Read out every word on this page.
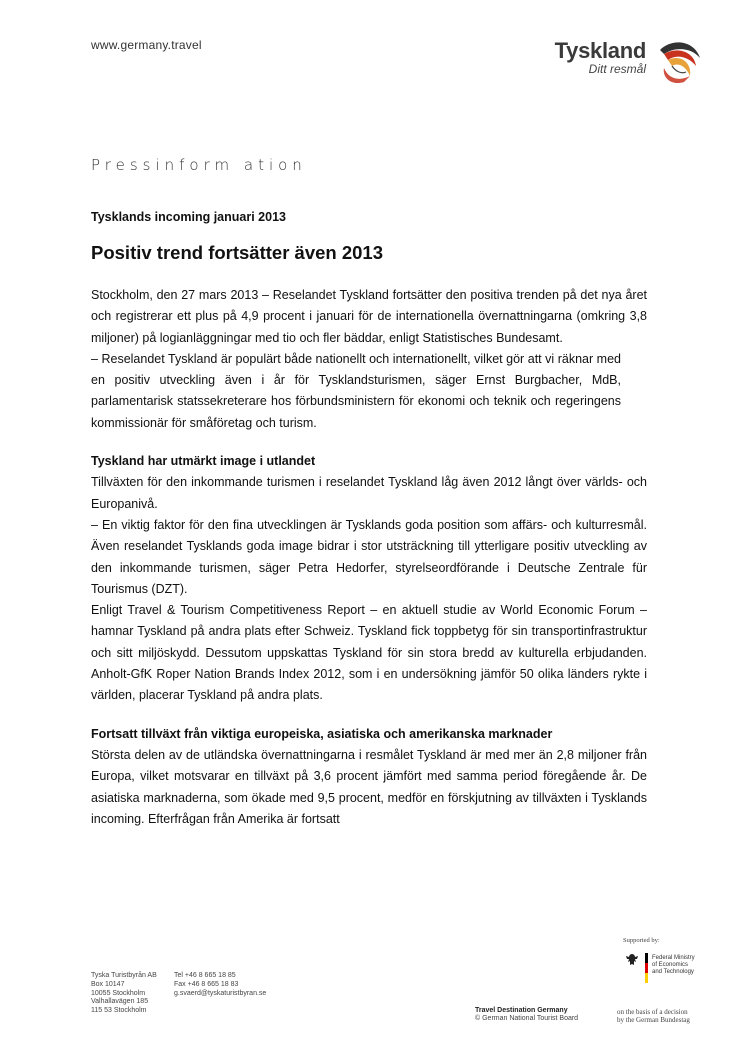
www.germany.travel	Tyskland
Ditt resmål
Pressinform ation
Tysklands incoming januari 2013
Positiv trend fortsätter även 2013

Stockholm, den 27 mars 2013 – Reselandet Tyskland fortsätter den positiva trenden på det nya året och registrerar ett plus på 4,9 procent i januari för de internationella övernattningarna (omkring 3,8 miljoner) på logianläggningar med tio och fler bäddar, enligt Statistisches Bundesamt.

– Reselandet Tyskland är populärt både nationellt och internationellt, vilket gör att vi räknar med en positiv utveckling även i år för Tysklandsturismen, säger Ernst Burgbacher, MdB, parlamentarisk statssekreterare hos förbundsministern för ekonomi och teknik och regeringens kommissionär för småföretag och turism.

Tyskland har utmärkt image i utlandet

Tillväxten för den inkommande turismen i reselandet Tyskland låg även 2012 långt över världs- och Europanivå.

– En viktig faktor för den fina utvecklingen är Tysklands goda position som affärs- och kulturresmål. Även reselandet Tysklands goda image bidrar i stor utsträckning till ytterligare positiv utveckling av den inkommande turismen, säger Petra Hedorfer, styrelseordförande i Deutsche Zentrale für Tourismus (DZT).

Enligt Travel & Tourism Competitiveness Report – en aktuell studie av World Economic Forum – hamnar Tyskland på andra plats efter Schweiz. Tyskland fick toppbetyg för sin transportinfrastruktur och sitt miljöskydd. Dessutom uppskattas Tyskland för sin stora bredd av kulturella erbjudanden. Anholt-GfK Roper Nation Brands Index 2012, som i en undersökning jämför 50 olika länders rykte i världen, placerar Tyskland på andra plats.

Fortsatt tillväxt från viktiga europeiska, asiatiska och amerikanska marknader

Största delen av de utländska övernattningarna i resmålet Tyskland är med mer än 2,8 miljoner från Europa, vilket motsvarar en tillväxt på 3,6 procent jämfört med samma period föregående år. De asiatiska marknaderna, som ökade med 9,5 procent, medför en förskjutning av tillväxten i Tysklands incoming. Efterfrågan från Amerika är fortsatt

Tyska Turistbyrån AB
Box 10147
10055 Stockholm
Valhallavägen 185
115 53 Stockholm
Tel +46 8 665 18 85
Fax +46 8 665 18 83
g.svaerd@tyskaturistbyran.se
Travel Destination Germany
© German National Tourist Board
Supported by:
Federal Ministry
of Economics
and Technology
on the basis of a decision
by the German Bundestag
